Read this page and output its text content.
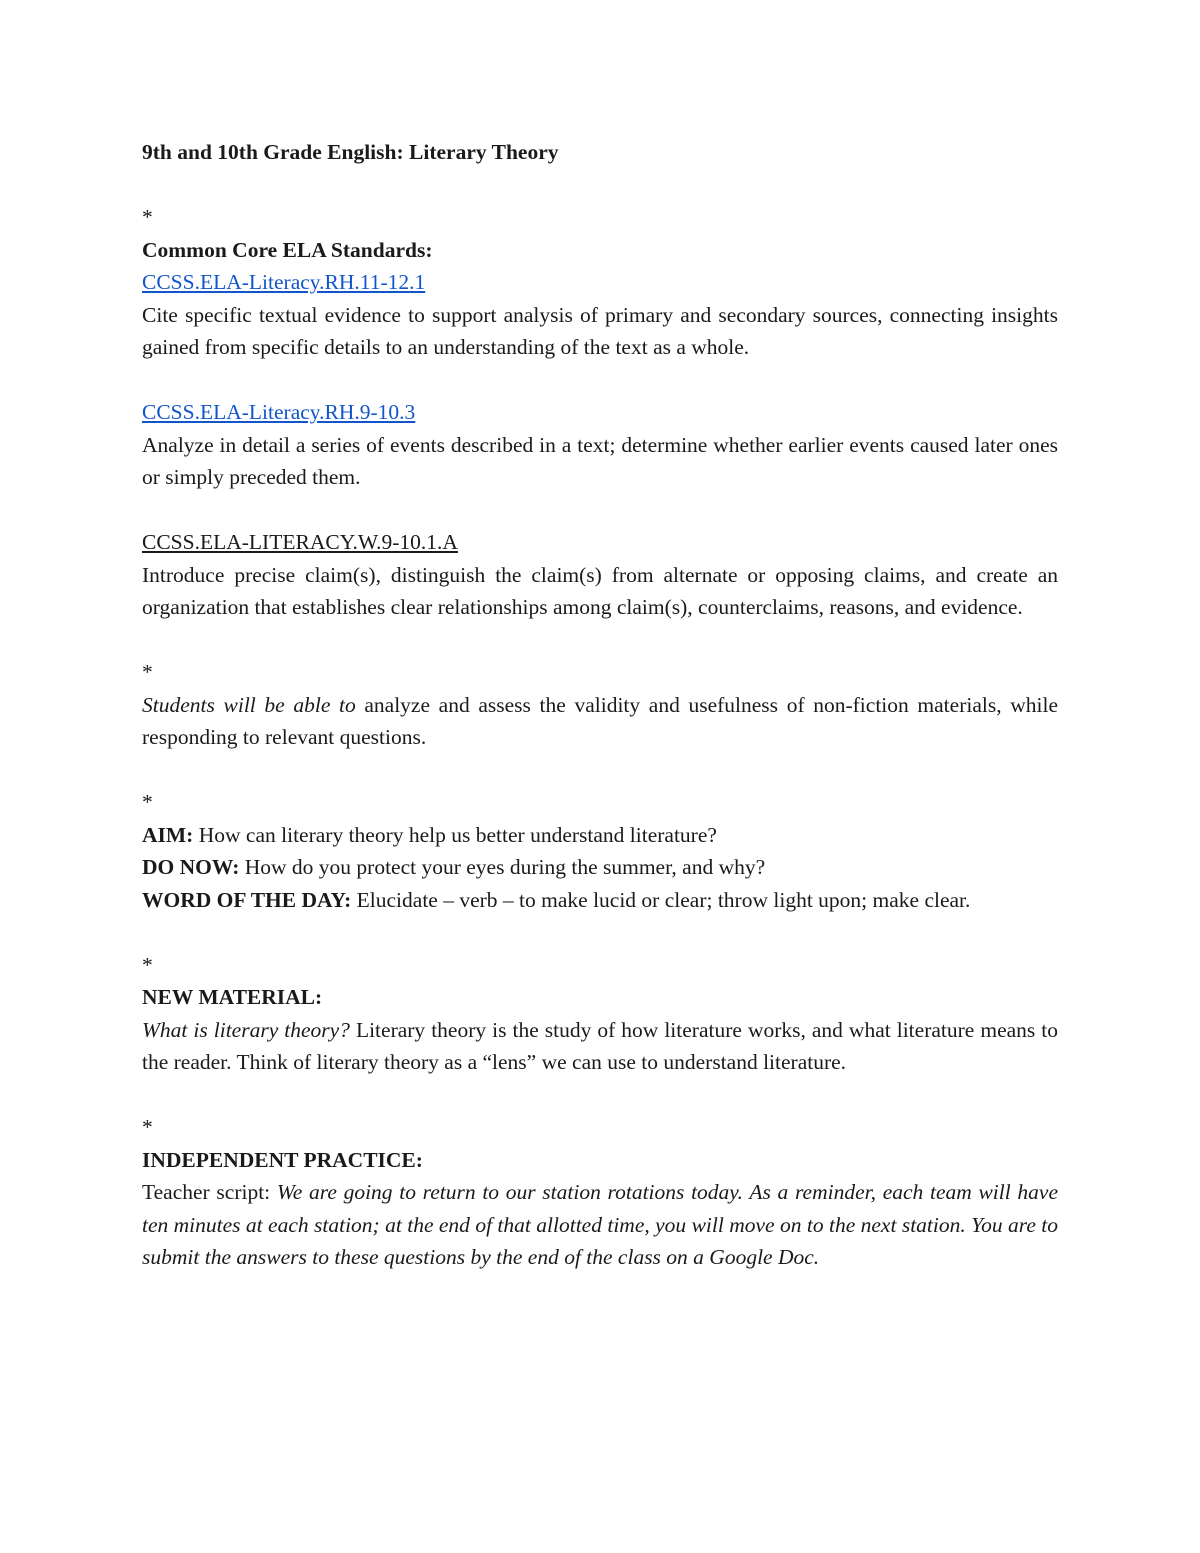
9th and 10th Grade English: Literary Theory

*

Common Core ELA Standards:

CCSS.ELA-Literacy.RH.11-12.1

Cite specific textual evidence to support analysis of primary and secondary sources, connecting insights gained from specific details to an understanding of the text as a whole.

CCSS.ELA-Literacy.RH.9-10.3

Analyze in detail a series of events described in a text; determine whether earlier events caused later ones or simply preceded them.

CCSS.ELA-LITERACY.W.9-10.1.A

Introduce precise claim(s), distinguish the claim(s) from alternate or opposing claims, and create an organization that establishes clear relationships among claim(s), counterclaims, reasons, and evidence.

*

Students will be able to analyze and assess the validity and usefulness of non-fiction materials, while responding to relevant questions.

*

AIM: How can literary theory help us better understand literature?

DO NOW: How do you protect your eyes during the summer, and why?

WORD OF THE DAY: Elucidate – verb – to make lucid or clear; throw light upon; make clear.

*

NEW MATERIAL:

What is literary theory? Literary theory is the study of how literature works, and what literature means to the reader. Think of literary theory as a “lens” we can use to understand literature.

*

INDEPENDENT PRACTICE:

Teacher script: We are going to return to our station rotations today. As a reminder, each team will have ten minutes at each station; at the end of that allotted time, you will move on to the next station. You are to submit the answers to these questions by the end of the class on a Google Doc.
